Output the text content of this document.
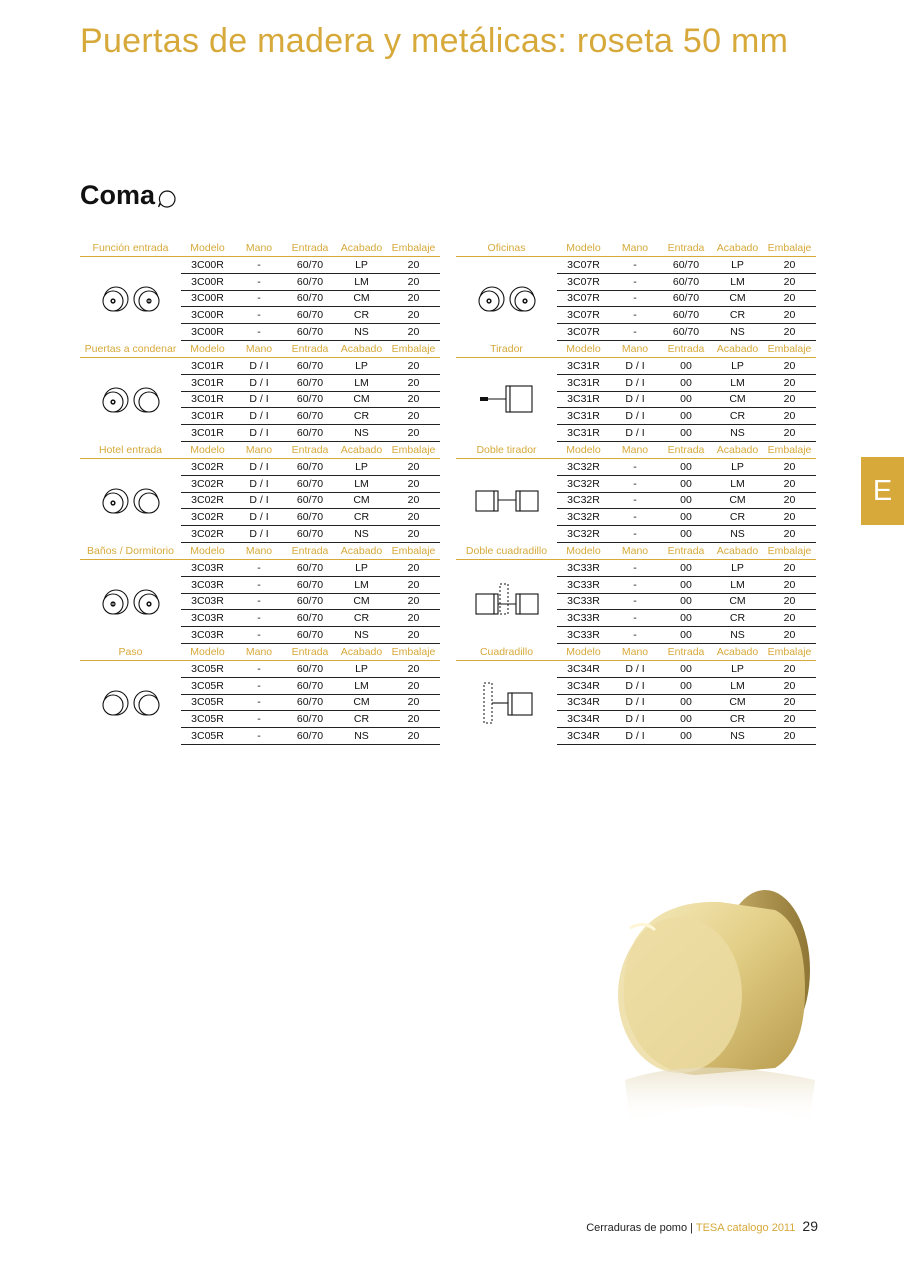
Puertas de madera y metálicas: roseta 50 mm
Coma
E
Función entrada	Modelo	Mano	Entrada	Acabado Embalaje
3C00R	-	60/70	LP	20
3C00R	-	60/70	LM	20
3C00R	-	60/70	CM	20
3C00R	-	60/70	CR	20
3C00R	-	60/70	NS	20
Puertas a condenar	Modelo	Mano	Entrada	Acabado Embalaje
3C01R	D / I	60/70	LP	20
3C01R	D / I	60/70	LM	20
3C01R	D / I	60/70	CM	20
3C01R	D / I	60/70	CR	20
3C01R	D / I	60/70	NS	20
Hotel entrada	Modelo	Mano	Entrada	Acabado Embalaje
3C02R	D / I	60/70	LP	20
3C02R	D / I	60/70	LM	20
3C02R	D / I	60/70	CM	20
3C02R	D / I	60/70	CR	20
3C02R	D / I	60/70	NS	20
Baños / Dormitorio	Modelo	Mano	Entrada	Acabado Embalaje
3C03R	-	60/70	LP	20
3C03R	-	60/70	LM	20
3C03R	-	60/70	CM	20
3C03R	-	60/70	CR	20
3C03R	-	60/70	NS	20
Paso	Modelo	Mano	Entrada	Acabado Embalaje
3C05R	-	60/70	LP	20
3C05R	-	60/70	LM	20
3C05R	-	60/70	CM	20
3C05R	-	60/70	CR	20
3C05R	-	60/70	NS	20
Oficinas	Modelo	Mano	Entrada	Acabado Embalaje
3C07R	-	60/70	LP	20
3C07R	-	60/70	LM	20
3C07R	-	60/70	CM	20
3C07R	-	60/70	CR	20
3C07R	-	60/70	NS	20
Tirador	Modelo	Mano	Entrada	Acabado Embalaje
3C31R	D / I	00	LP	20
3C31R	D / I	00	LM	20
3C31R	D / I	00	CM	20
3C31R	D / I	00	CR	20
3C31R	D / I	00	NS	20
Doble tirador	Modelo	Mano	Entrada	Acabado Embalaje
3C32R	-	00	LP	20
3C32R	-	00	LM	20
3C32R	-	00	CM	20
3C32R	-	00	CR	20
3C32R	-	00	NS	20
Doble cuadradillo	Modelo	Mano	Entrada	Acabado Embalaje
3C33R	-	00	LP	20
3C33R	-	00	LM	20
3C33R	-	00	CM	20
3C33R	-	00	CR	20
3C33R	-	00	NS	20
Cuadradillo	Modelo	Mano	Entrada	Acabado Embalaje
3C34R	D / I	00	LP	20
3C34R	D / I	00	LM	20
3C34R	D / I	00	CM	20
3C34R	D / I	00	CR	20
3C34R	D / I	00	NS	20
Cerraduras de pomo | TESA catalogo 2011 29
